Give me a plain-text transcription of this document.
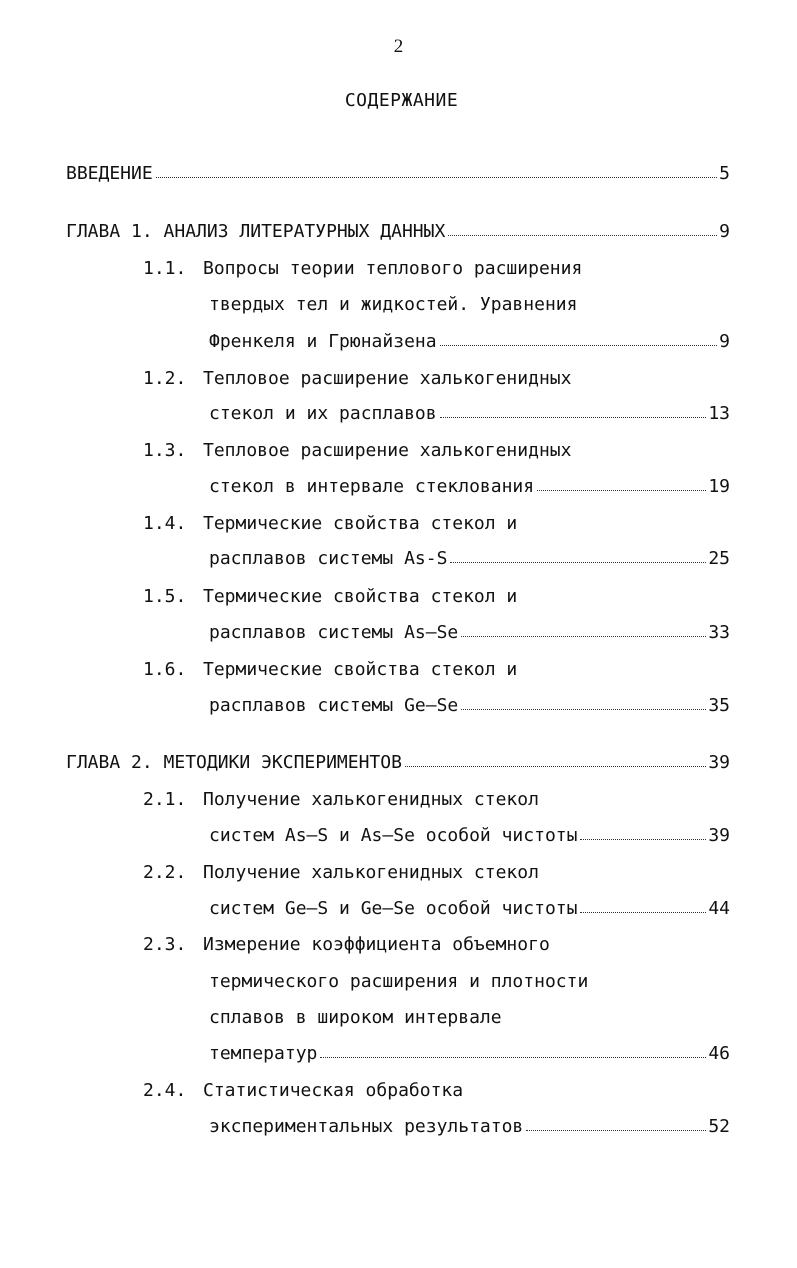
2
СОДЕРЖАНИЕ
ВВЕДЕНИЕ	5
ГЛАВА 1. АНАЛИЗ ЛИТЕРАТУРНЫХ ДАННЫХ	9
1.1. Вопросы теории теплового расширения
твердых тел и жидкостей. Уравнения
Френкеля и Грюнайзена	9
1.2. Тепловое расширение халькогенидных
стекол и их расплавов	13
1.3. Тепловое расширение халькогенидных
стекол в интервале стеклования	19
1.4. Термические свойства стекол и
расплавов системы As-S	25
1.5. Термические свойства стекол и
расплавов системы As—Se	33
1.6. Термические свойства стекол и
расплавов системы Ge—Se	35
ГЛАВА 2. МЕТОДИКИ ЭКСПЕРИМЕНТОВ	39
2.1. Получение халькогенидных стекол
систем As—S и As—Se особой чистоты	39
2.2. Получение халькогенидных стекол
систем Ge—S и Ge—Se особой чистоты	44
2.3. Измерение коэффициента объемного
термического расширения и плотности
сплавов в широком интервале
температур	46
2.4. Статистическая обработка
экспериментальных результатов	52
